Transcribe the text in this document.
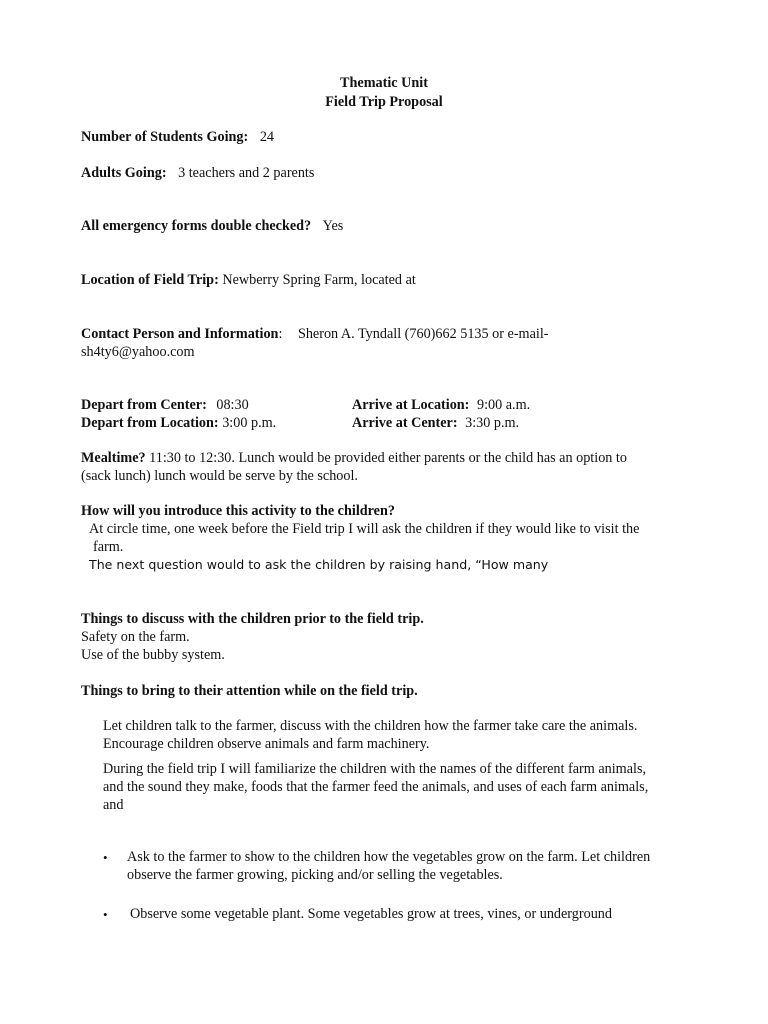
Thematic Unit
Field Trip Proposal
Number of Students Going: 24
Adults Going: 3 teachers and 2 parents
All emergency forms double checked? Yes
Location of Field Trip: Newberry Spring Farm, located at
Contact Person and Information: Sheron A. Tyndall (760)662 5135 or e-mail-
sh4ty6@yahoo.com
Depart from Center: 08:30
Depart from Location: 3:00 p.m.
Arrive at Location: 9:00 a.m.
Arrive at Center: 3:30 p.m.
Mealtime? 11:30 to 12:30. Lunch would be provided either parents or the child has an option to
(sack lunch) lunch would be serve by the school.
How will you introduce this activity to the children?
At circle time, one week before the Field trip I will ask the children if they would like to visit the
farm.
The next question would to ask the children by raising hand, “How many
Things to discuss with the children prior to the field trip.
Safety on the farm.
Use of the bubby system.
Things to bring to their attention while on the field trip.
Let children talk to the farmer, discuss with the children how the farmer take care the animals.
Encourage children observe animals and farm machinery.
During the field trip I will familiarize the children with the names of the different farm animals,
and the sound they make, foods that the farmer feed the animals, and uses of each farm animals,
and
• Ask to the farmer to show to the children how the vegetables grow on the farm. Let children
observe the farmer growing, picking and/or selling the vegetables.
• Observe some vegetable plant. Some vegetables grow at trees, vines, or underground
